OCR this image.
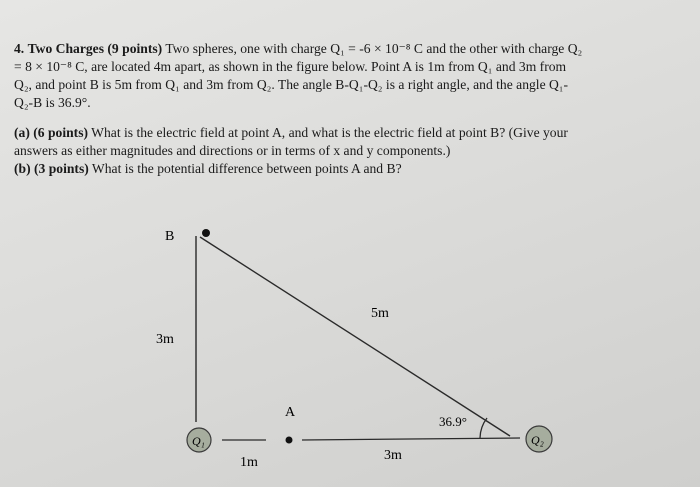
4. Two Charges (9 points) Two spheres, one with charge Q₁ = -6 × 10⁻⁸ C and the other with charge Q₂
= 8 × 10⁻⁸ C, are located 4m apart, as shown in the figure below. Point A is 1m from Q₁ and 3m from
Q₂, and point B is 5m from Q₁ and 3m from Q₂. The angle B-Q₁-Q₂ is a right angle, and the angle Q₁-
Q₂-B is 36.9°.

(a) (6 points) What is the electric field at point A, and what is the electric field at point B? (Give your
answers as either magnitudes and directions or in terms of x and y components.)

(b) (3 points) What is the potential difference between points A and B?

B
A
Q₁	Q₂
3m
5m
1m	3m
36.9°
